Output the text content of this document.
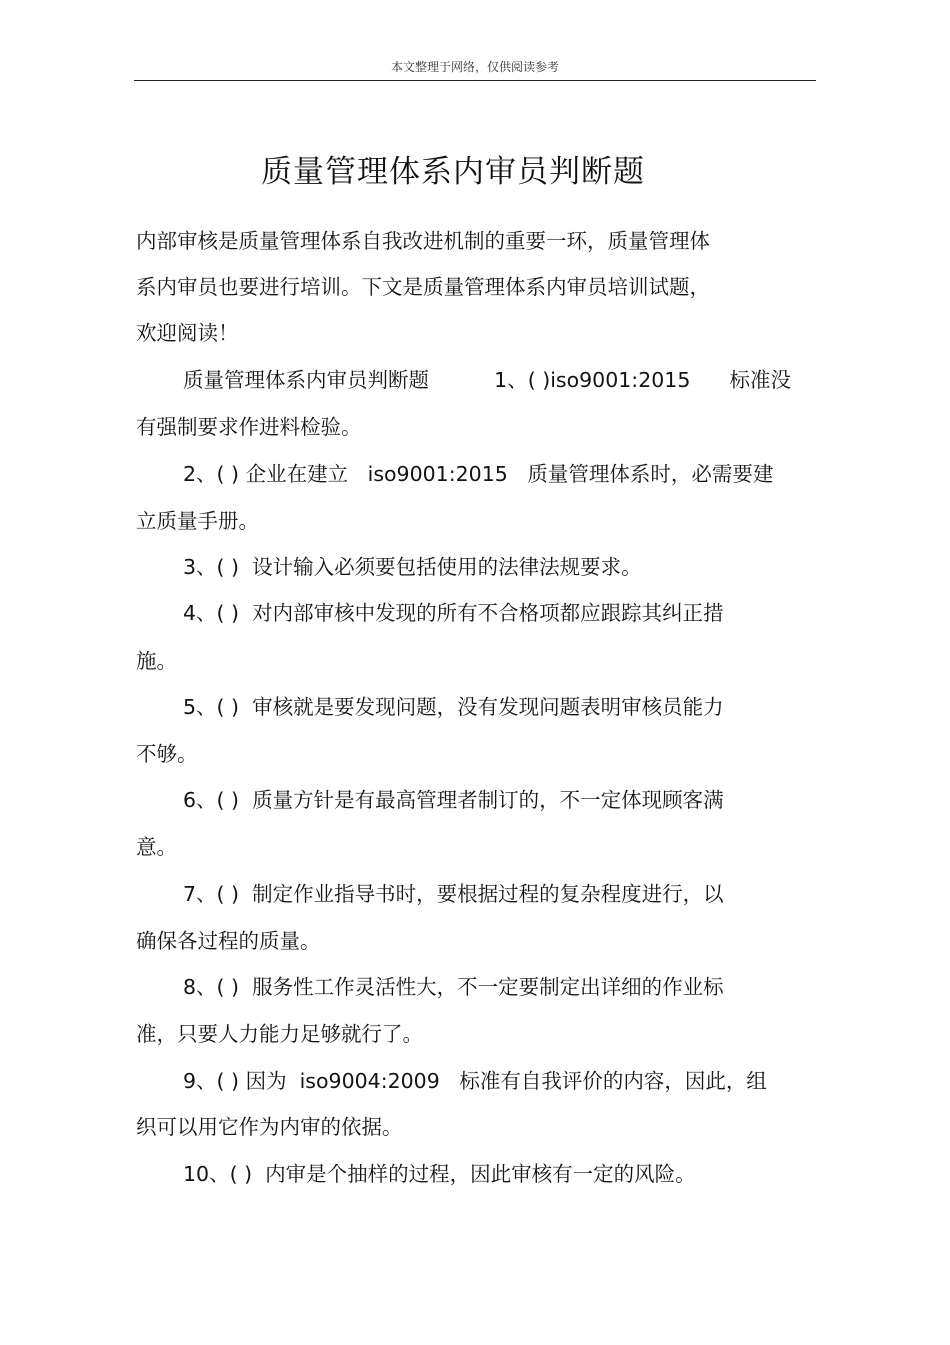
本文整理于网络，仅供阅读参考
质量管理体系内审员判断题
内部审核是质量管理体系自我改进机制的重要一环，质量管理体
系内审员也要进行培训。下文是质量管理体系内审员培训试题，
欢迎阅读！
质量管理体系内审员判断题          1、( )iso9001:2015      标准没
有强制要求作进料检验。
2、( ) 企业在建立   iso9001:2015   质量管理体系时，必需要建
立质量手册。
3、( )  设计输入必须要包括使用的法律法规要求。
4、( )  对内部审核中发现的所有不合格项都应跟踪其纠正措
施。
5、( )  审核就是要发现问题，没有发现问题表明审核员能力
不够。
6、( )  质量方针是有最高管理者制订的，不一定体现顾客满
意。
7、( )  制定作业指导书时，要根据过程的复杂程度进行，以
确保各过程的质量。
8、( )  服务性工作灵活性大，不一定要制定出详细的作业标
准，只要人力能力足够就行了。
9、( ) 因为  iso9004:2009   标准有自我评价的内容，因此，组
织可以用它作为内审的依据。
10、( )  内审是个抽样的过程，因此审核有一定的风险。
